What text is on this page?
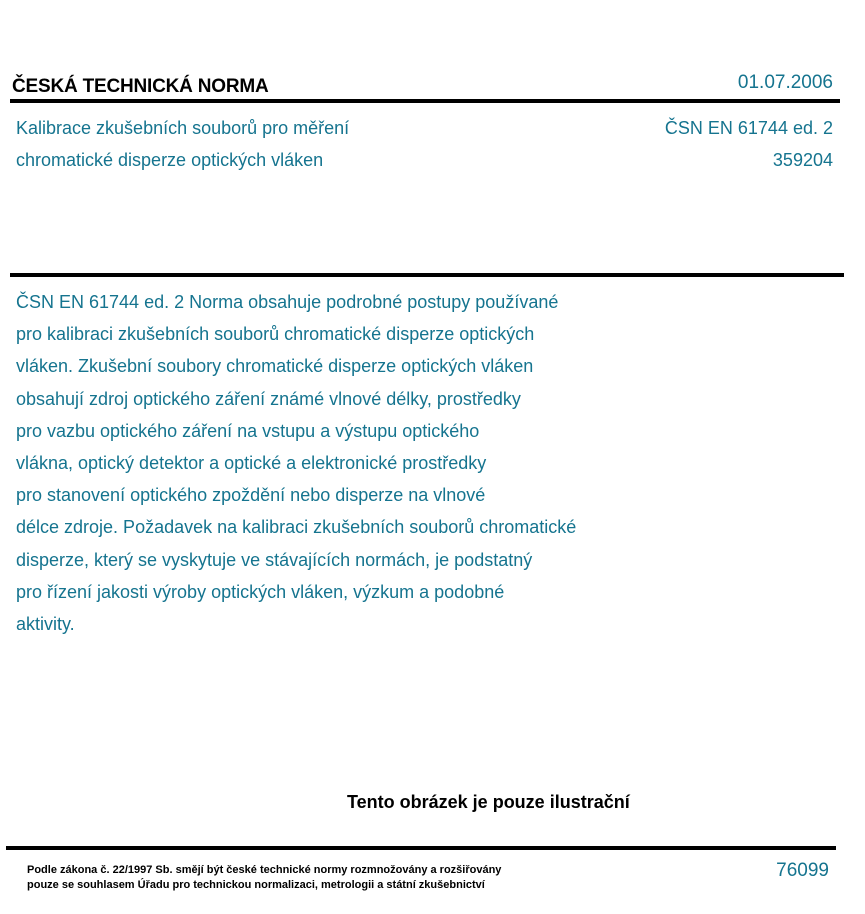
ČESKÁ TECHNICKÁ NORMA	01.07.2006
Kalibrace zkušebních souborů pro měření
chromatické disperze optických vláken
ČSN EN 61744 ed. 2
359204
ČSN EN 61744 ed. 2 Norma obsahuje podrobné postupy používané
pro kalibraci zkušebních souborů chromatické disperze optických
vláken. Zkušební soubory chromatické disperze optických vláken
obsahují zdroj optického záření známé vlnové délky, prostředky
pro vazbu optického záření na vstupu a výstupu optického
vlákna, optický detektor a optické a elektronické prostředky
pro stanovení optického zpoždění nebo disperze na vlnové
délce zdroje. Požadavek na kalibraci zkušebních souborů chromatické
disperze, který se vyskytuje ve stávajících normách, je podstatný
pro řízení jakosti výroby optických vláken, výzkum a podobné
aktivity.
Tento obrázek je pouze ilustrační
Podle zákona č. 22/1997 Sb. smějí být české technické normy rozmnožovány a rozšiřovány
pouze se souhlasem Úřadu pro technickou normalizaci, metrologii a státní zkušebnictví
76099
